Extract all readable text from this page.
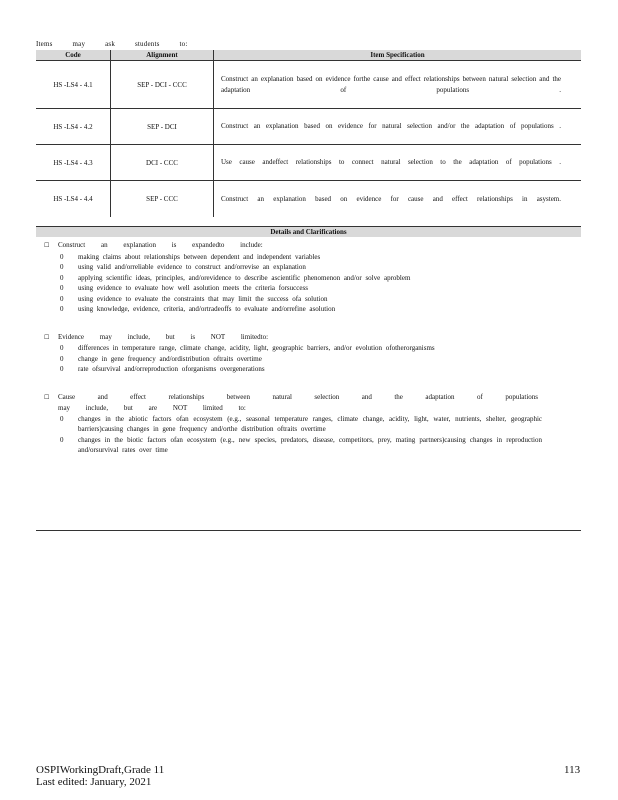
Items may ask students to:
Code	Alignment	Item Specification
HS -LS4 - 4.1	SEP - DCI - CCC	Construct an explanation based on evidence forthe cause and effect relationships between natural selection and the adaptation of populations .
HS -LS4 - 4.2	SEP - DCI	Construct an explanation based on evidence for natural selection and/or the adaptation of populations .
HS -LS4 - 4.3	DCI - CCC	Use cause andeffect relationships to connect natural selection to the adaptation of populations .
HS -LS4 - 4.4	SEP - CCC	Construct an explanation based on evidence for cause and effect relationships in asystem.
Details and Clarifications
☐	Construct an explanation is expandedto include:
0	making claims about relationships between dependent and independent variables
0	using valid and/orreliable evidence to construct and/orrevise an explanation
0	applying scientific ideas, principles, and/orevidence to describe ascientific phenomenon and/or solve aproblem
0	using evidence to evaluate how well asolution meets the criteria forsuccess
0	using evidence to evaluate the constraints that may limit the success ofa solution
0	using knowledge, evidence, criteria, and/ortradeoffs to evaluate and/orrefine asolution
☐	Evidence may include, but is NOT limitedto:
0	differences in temperature range, climate change, acidity, light, geographic barriers, and/or evolution ofotherorganisms
0	change in gene frequency and/ordistribution oftraits overtime
0	rate ofsurvival and/orreproduction oforganisms overgenerations
☐	Cause and effect relationships between natural selection and the adaptation of populations
may include, but are NOT limited to:
0	changes in the abiotic factors ofan ecosystem (e.g., seasonal temperature ranges, climate change, acidity, light, water, nutrients, shelter, geographic barriers)causing changes in gene frequency and/orthe distribution oftraits overtime
0	changes in the biotic factors ofan ecosystem (e.g., new species, predators, disease, competitors, prey, mating partners)causing changes in reproduction and/orsurvival rates over time
OSPIWorkingDraft,Grade 11
Last edited: January, 2021
113
